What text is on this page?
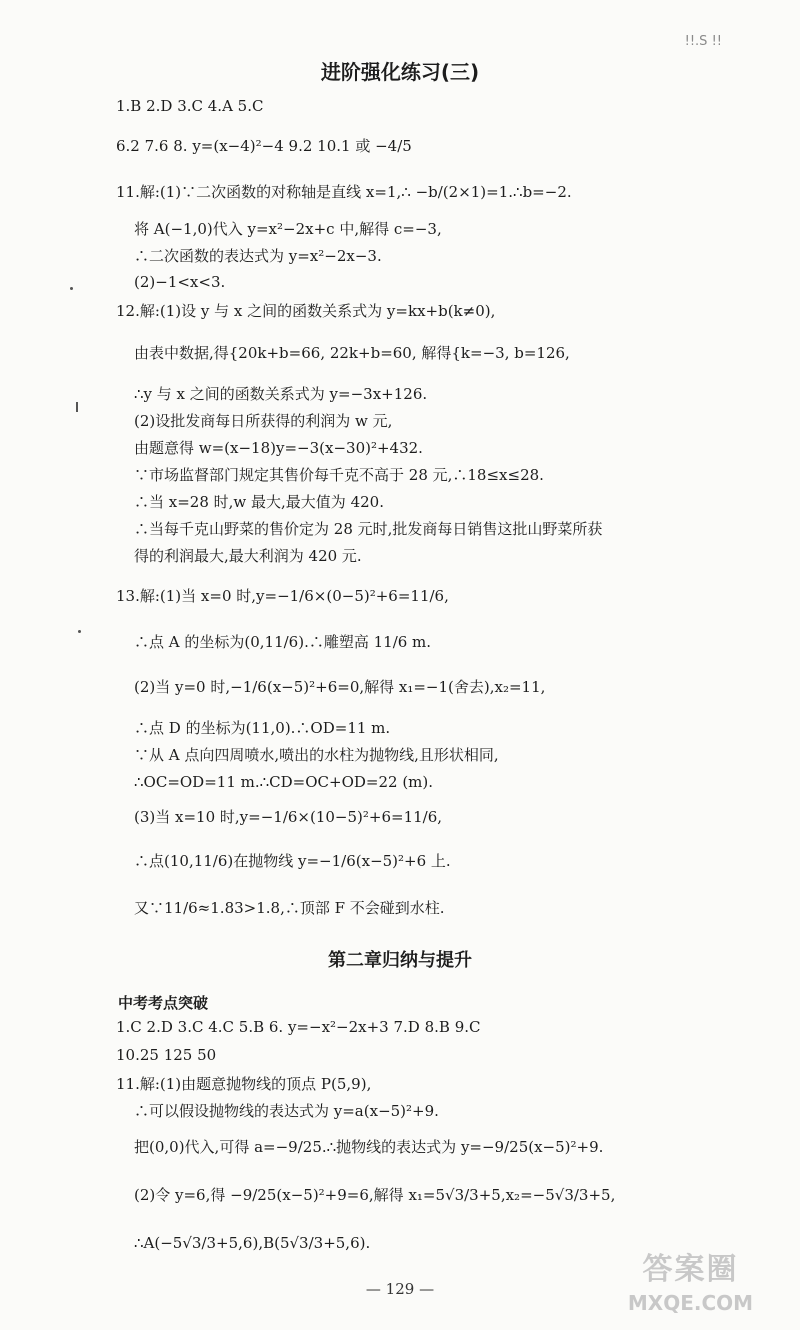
!!.S !!
进阶强化练习(三)
1.B 2.D 3.C 4.A 5.C
6.2 7.6 8. y=(x−4)²−4 9.2 10.1 或 −4/5
11.解:(1)∵二次函数的对称轴是直线 x=1,∴ −b/(2×1)=1.∴b=−2.
将 A(−1,0)代入 y=x²−2x+c 中,解得 c=−3,
∴二次函数的表达式为 y=x²−2x−3.
(2)−1<x<3.
12.解:(1)设 y 与 x 之间的函数关系式为 y=kx+b(k≠0),
由表中数据,得{20k+b=66, 22k+b=60, 解得{k=−3, b=126,
∴y 与 x 之间的函数关系式为 y=−3x+126.
(2)设批发商每日所获得的利润为 w 元,
由题意得 w=(x−18)y=−3(x−30)²+432.
∵市场监督部门规定其售价每千克不高于 28 元,∴18≤x≤28.
∴当 x=28 时,w 最大,最大值为 420.
∴当每千克山野菜的售价定为 28 元时,批发商每日销售这批山野菜所获
得的利润最大,最大利润为 420 元.
13.解:(1)当 x=0 时,y=−1/6×(0−5)²+6=11/6,
∴点 A 的坐标为(0,11/6).∴雕塑高 11/6 m.
(2)当 y=0 时,−1/6(x−5)²+6=0,解得 x₁=−1(舍去),x₂=11,
∴点 D 的坐标为(11,0).∴OD=11 m.
∵从 A 点向四周喷水,喷出的水柱为抛物线,且形状相同,
∴OC=OD=11 m.∴CD=OC+OD=22 (m).
(3)当 x=10 时,y=−1/6×(10−5)²+6=11/6,
∴点(10,11/6)在抛物线 y=−1/6(x−5)²+6 上.
又∵11/6≈1.83>1.8,∴顶部 F 不会碰到水柱.
第二章归纳与提升
中考考点突破
1.C 2.D 3.C 4.C 5.B 6. y=−x²−2x+3 7.D 8.B 9.C
10.25 125 50
11.解:(1)由题意抛物线的顶点 P(5,9),
∴可以假设抛物线的表达式为 y=a(x−5)²+9.
把(0,0)代入,可得 a=−9/25.∴抛物线的表达式为 y=−9/25(x−5)²+9.
(2)令 y=6,得 −9/25(x−5)²+9=6,解得 x₁=5√3/3+5,x₂=−5√3/3+5,
∴A(−5√3/3+5,6),B(5√3/3+5,6).
— 129 —
答案圈
MXQE.COM
